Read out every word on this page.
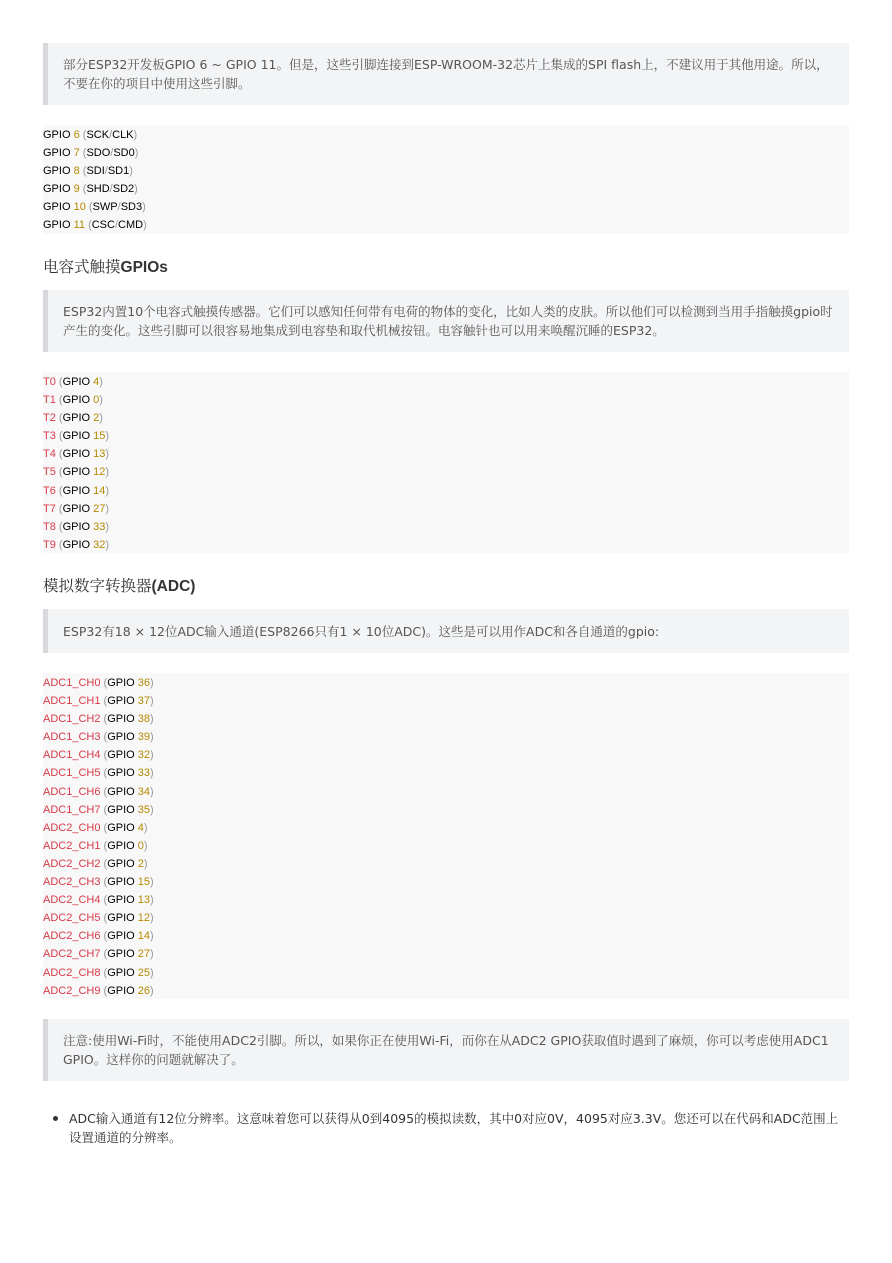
部分ESP32开发板GPIO 6 ~ GPIO 11。但是，这些引脚连接到ESP-WROOM-32芯片上集成的SPI flash上，不建议用于其他用途。所以，不要在你的项目中使用这些引脚。
GPIO 6 (SCK/CLK)
GPIO 7 (SDO/SD0)
GPIO 8 (SDI/SD1)
GPIO 9 (SHD/SD2)
GPIO 10 (SWP/SD3)
GPIO 11 (CSC/CMD)
电容式触摸GPIOs
ESP32内置10个电容式触摸传感器。它们可以感知任何带有电荷的物体的变化，比如人类的皮肤。所以他们可以检测到当用手指触摸gpio时产生的变化。这些引脚可以很容易地集成到电容垫和取代机械按钮。电容触针也可以用来唤醒沉睡的ESP32。
T0 (GPIO 4)
T1 (GPIO 0)
T2 (GPIO 2)
T3 (GPIO 15)
T4 (GPIO 13)
T5 (GPIO 12)
T6 (GPIO 14)
T7 (GPIO 27)
T8 (GPIO 33)
T9 (GPIO 32)
模拟数字转换器(ADC)
ESP32有18 × 12位ADC输入通道(ESP8266只有1 × 10位ADC)。这些是可以用作ADC和各自通道的gpio:
ADC1_CH0 (GPIO 36)
ADC1_CH1 (GPIO 37)
ADC1_CH2 (GPIO 38)
ADC1_CH3 (GPIO 39)
ADC1_CH4 (GPIO 32)
ADC1_CH5 (GPIO 33)
ADC1_CH6 (GPIO 34)
ADC1_CH7 (GPIO 35)
ADC2_CH0 (GPIO 4)
ADC2_CH1 (GPIO 0)
ADC2_CH2 (GPIO 2)
ADC2_CH3 (GPIO 15)
ADC2_CH4 (GPIO 13)
ADC2_CH5 (GPIO 12)
ADC2_CH6 (GPIO 14)
ADC2_CH7 (GPIO 27)
ADC2_CH8 (GPIO 25)
ADC2_CH9 (GPIO 26)
注意:使用Wi-Fi时，不能使用ADC2引脚。所以，如果你正在使用Wi-Fi，而你在从ADC2 GPIO获取值时遇到了麻烦，你可以考虑使用ADC1 GPIO。这样你的问题就解决了。
ADC输入通道有12位分辨率。这意味着您可以获得从0到4095的模拟读数，其中0对应0V，4095对应3.3V。您还可以在代码和ADC范围上设置通道的分辨率。
